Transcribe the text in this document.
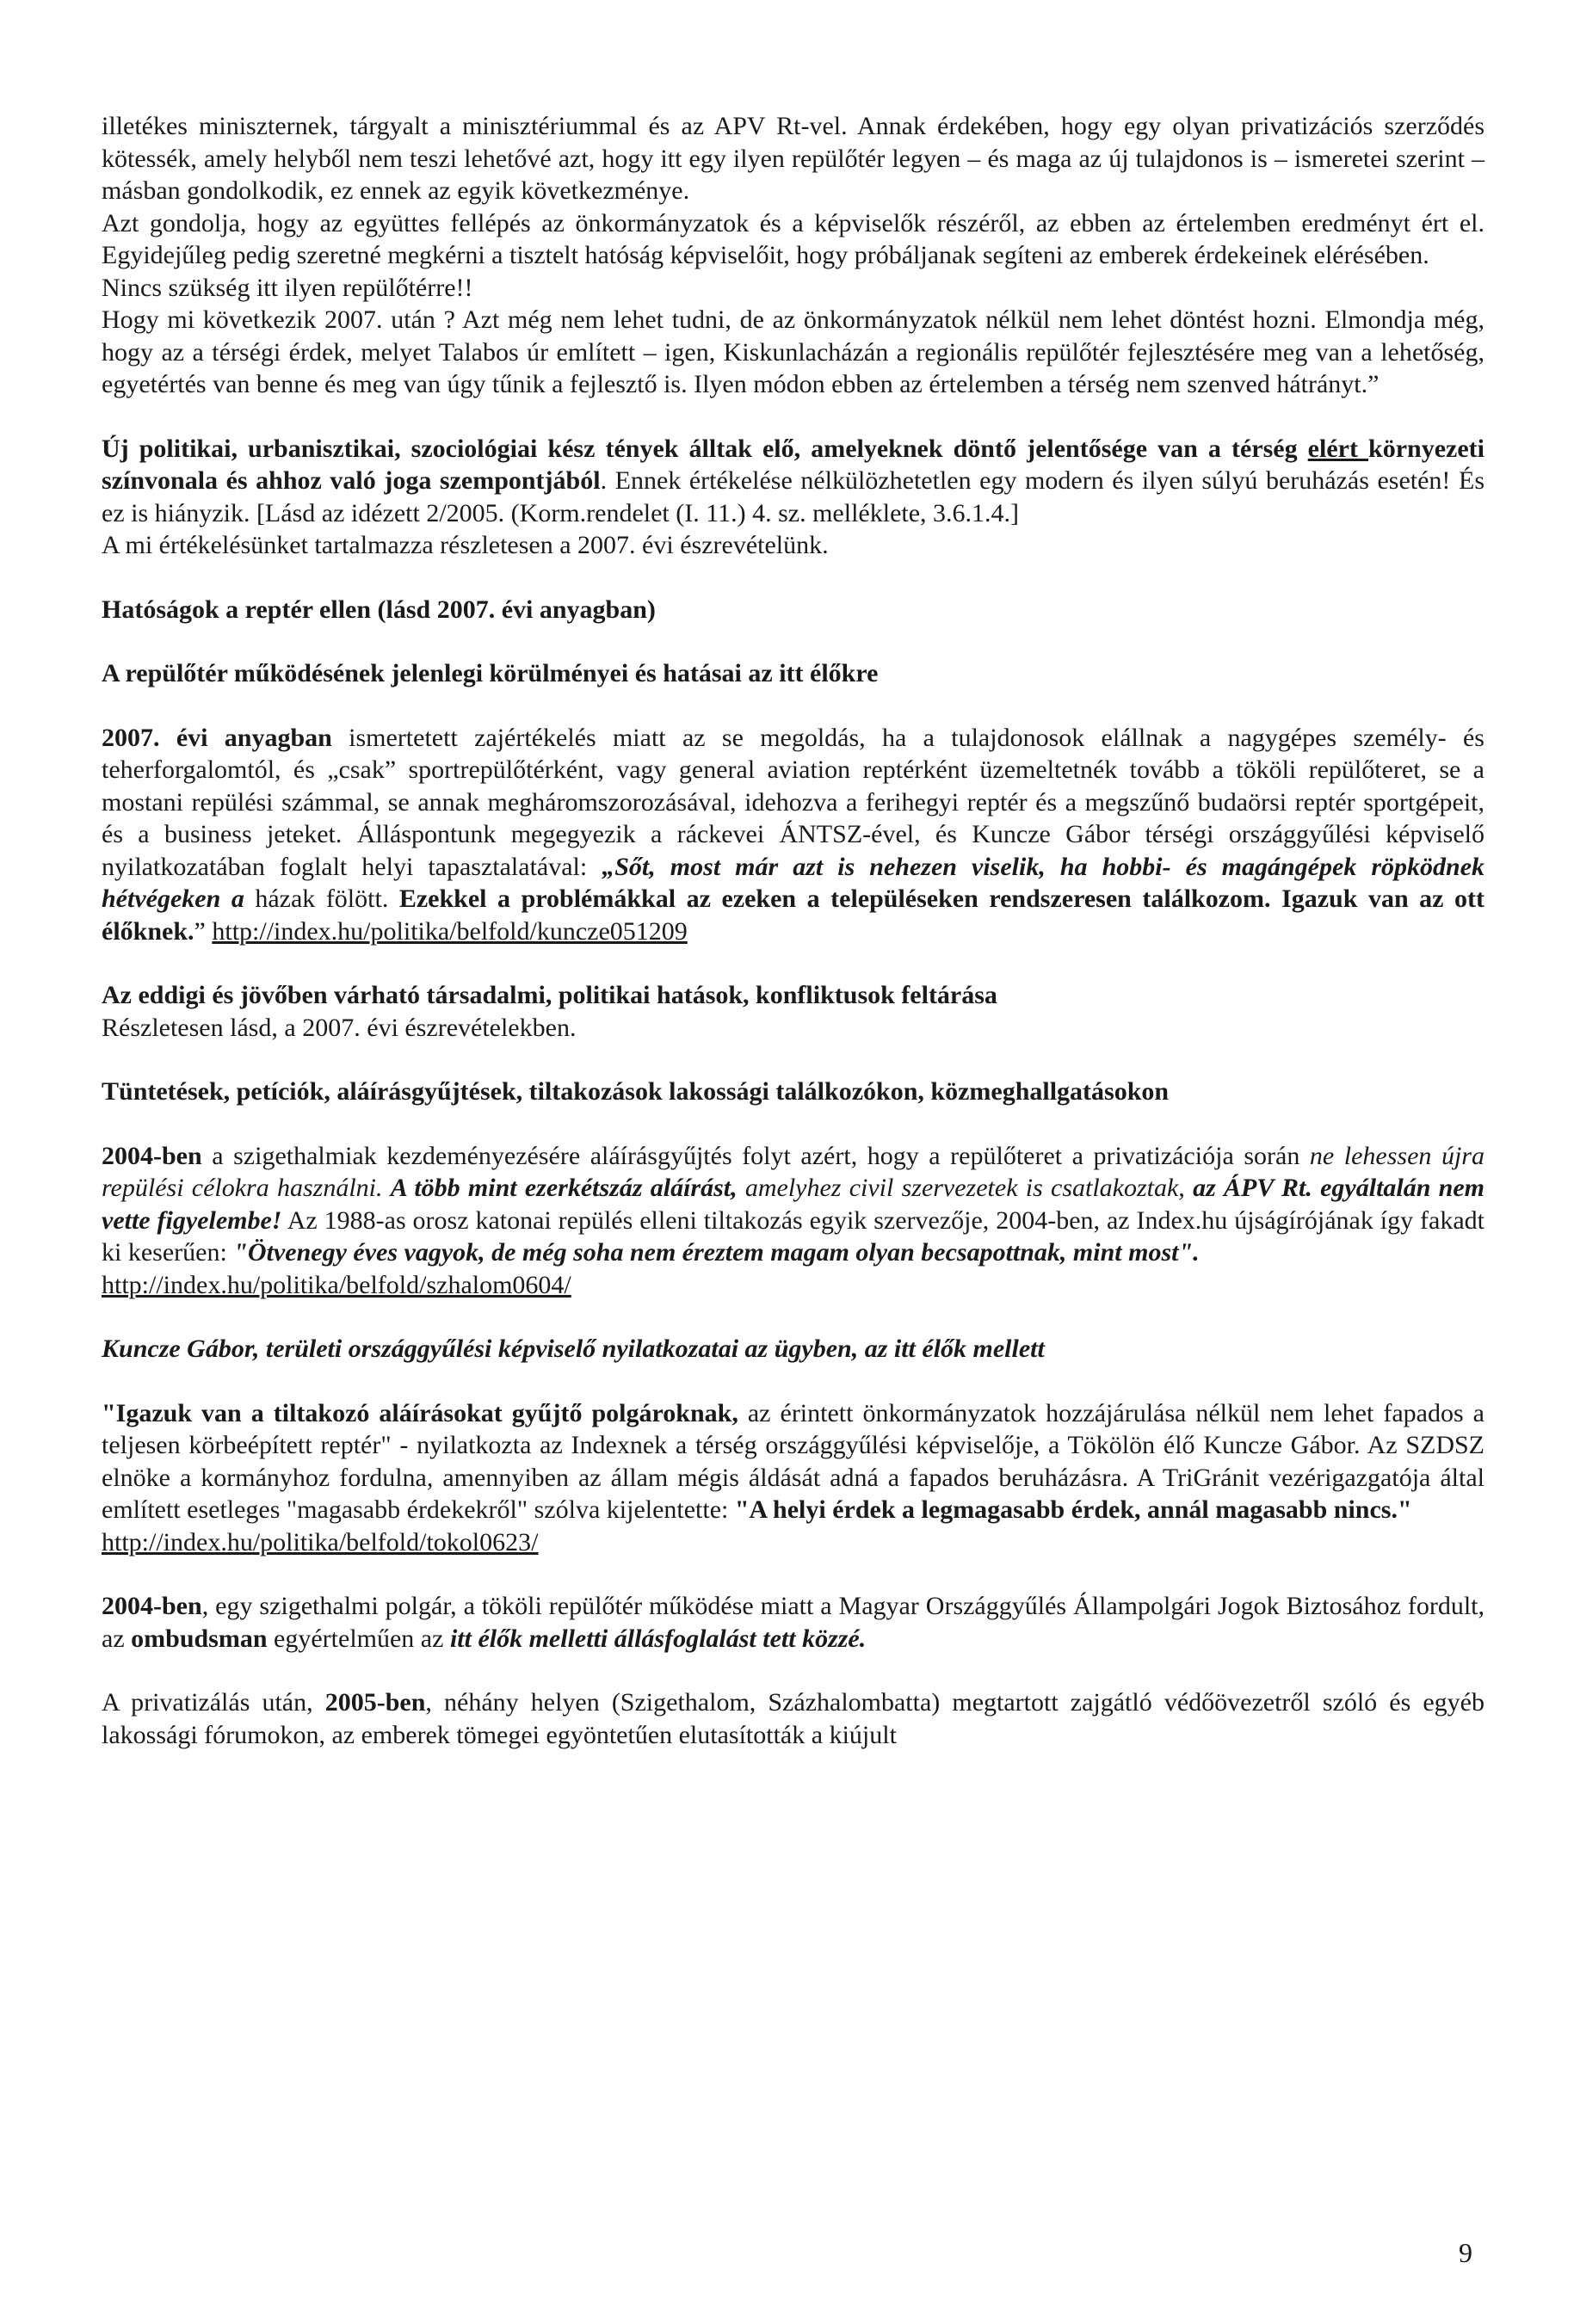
illetékes miniszternek, tárgyalt a minisztériummal és az APV Rt-vel. Annak érdekében, hogy egy olyan privatizációs szerződés kötessék, amely helyből nem teszi lehetővé azt, hogy itt egy ilyen repülőtér legyen – és maga az új tulajdonos is – ismeretei szerint – másban gondolkodik, ez ennek az egyik következménye.

Azt gondolja, hogy az együttes fellépés az önkormányzatok és a képviselők részéről, az ebben az értelemben eredményt ért el. Egyidejűleg pedig szeretné megkérni a tisztelt hatóság képviselőit, hogy próbáljanak segíteni az emberek érdekeinek elérésében.

Nincs szükség itt ilyen repülőtérre!!

Hogy mi következik 2007. után ? Azt még nem lehet tudni, de az önkormányzatok nélkül nem lehet döntést hozni. Elmondja még, hogy az a térségi érdek, melyet Talabos úr említett – igen, Kiskunlacházán a regionális repülőtér fejlesztésére meg van a lehetőség, egyetértés van benne és meg van úgy tűnik a fejlesztő is. Ilyen módon ebben az értelemben a térség nem szenved hátrányt.”

Új politikai, urbanisztikai, szociológiai kész tények álltak elő, amelyeknek döntő jelentősége van a térség elért környezeti színvonala és ahhoz való joga szempontjából. Ennek értékelése nélkülözhetetlen egy modern és ilyen súlyú beruházás esetén! És ez is hiányzik. [Lásd az idézett 2/2005. (Korm.rendelet (I. 11.) 4. sz. melléklete, 3.6.1.4.]

A mi értékelésünket tartalmazza részletesen a 2007. évi észrevételünk.

Hatóságok a reptér ellen (lásd 2007. évi anyagban)

A repülőtér működésének jelenlegi körülményei és hatásai az itt élőkre

2007. évi anyagban ismertetett zajértékelés miatt az se megoldás, ha a tulajdonosok elállnak a nagygépes személy- és teherforgalomtól, és „csak” sportrepülőtérként, vagy general aviation reptérként üzemeltetnék tovább a tököli repülőteret, se a mostani repülési számmal, se annak megháromszorozásával, idehozva a ferihegyi reptér és a megszűnő budaörsi reptér sportgépeit, és a business jeteket. Álláspontunk megegyezik a ráckevei ÁNTSZ-ével, és Kuncze Gábor térségi országgyűlési képviselő nyilatkozatában foglalt helyi tapasztalatával: „Sőt, most már azt is nehezen viselik, ha hobbi- és magángépek röpködnek hétvégeken a házak fölött. Ezekkel a problémákkal az ezeken a településeken rendszeresen találkozom. Igazuk van az ott élőknek.” http://index.hu/politika/belfold/kuncze051209

Az eddigi és jövőben várható társadalmi, politikai hatások, konfliktusok feltárása

Részletesen lásd, a 2007. évi észrevételekben.

Tüntetések, petíciók, aláírásgyűjtések, tiltakozások lakossági találkozókon, közmeghallgatásokon

2004-ben a szigethalmiak kezdeményezésére aláírásgyűjtés folyt azért, hogy a repülőteret a privatizációja során ne lehessen újra repülési célokra használni. A több mint ezerkétszáz aláírást, amelyhez civil szervezetek is csatlakoztak, az ÁPV Rt. egyáltalán nem vette figyelembe! Az 1988-as orosz katonai repülés elleni tiltakozás egyik szervezője, 2004-ben, az Index.hu újságírójának így fakadt ki keserűen: "Ötvenegy éves vagyok, de még soha nem éreztem magam olyan becsapottnak, mint most".
http://index.hu/politika/belfold/szhalom0604/

Kuncze Gábor, területi országgyűlési képviselő nyilatkozatai az ügyben, az itt élők mellett

"Igazuk van a tiltakozó aláírásokat gyűjtő polgároknak, az érintett önkormányzatok hozzájárulása nélkül nem lehet fapados a teljesen körbeépített reptér" - nyilatkozta az Indexnek a térség országgyűlési képviselője, a Tökölön élő Kuncze Gábor. Az SZDSZ elnöke a kormányhoz fordulna, amennyiben az állam mégis áldását adná a fapados beruházásra. A TriGránit vezérigazgatója által említett esetleges "magasabb érdekekről" szólva kijelentette: "A helyi érdek a legmagasabb érdek, annál magasabb nincs."
http://index.hu/politika/belfold/tokol0623/

2004-ben, egy szigethalmi polgár, a tököli repülőtér működése miatt a Magyar Országgyűlés Állampolgári Jogok Biztosához fordult, az ombudsman egyértelműen az itt élők melletti állásfoglalást tett közzé.

A privatizálás után, 2005-ben, néhány helyen (Szigethalom, Százhalombatta) megtartott zajgátló védőövezetről szóló és egyéb lakossági fórumokon, az emberek tömegei egyöntetűen elutasították a kiújult

9
